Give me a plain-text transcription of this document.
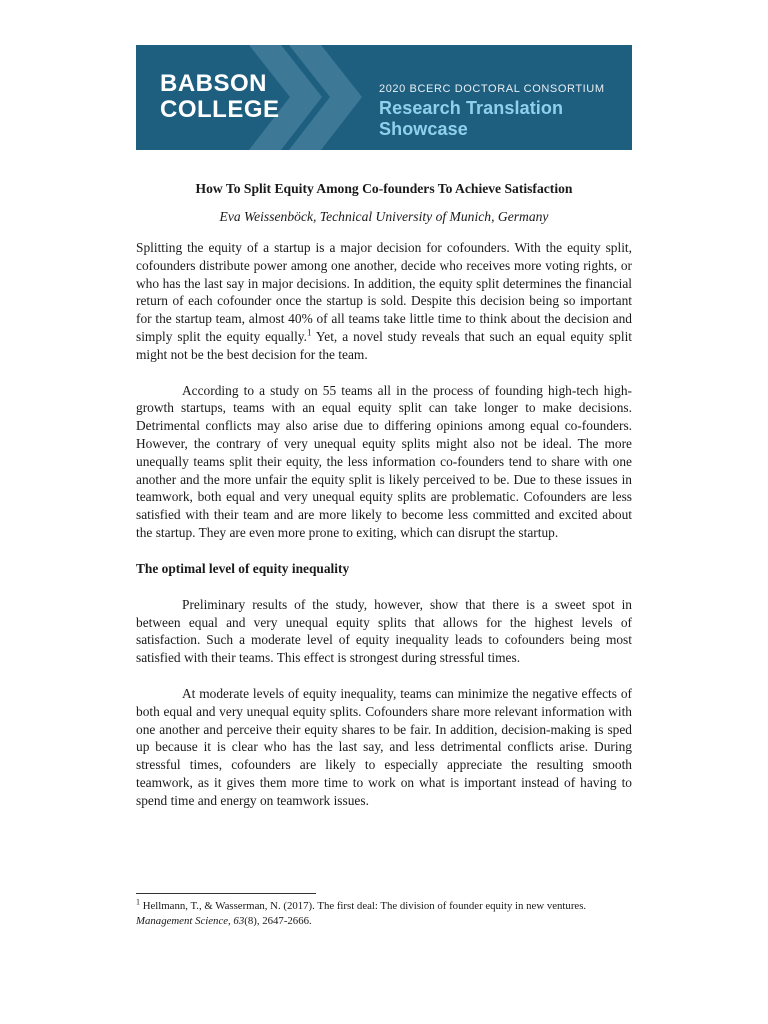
BABSON
COLLEGE
2020 BCERC DOCTORAL CONSORTIUM
Research Translation Showcase
How To Split Equity Among Co-founders To Achieve Satisfaction
Eva Weissenböck, Technical University of Munich, Germany

Splitting the equity of a startup is a major decision for cofounders. With the equity split, cofounders distribute power among one another, decide who receives more voting rights, or who has the last say in major decisions. In addition, the equity split determines the financial return of each cofounder once the startup is sold. Despite this decision being so important for the startup team, almost 40% of all teams take little time to think about the decision and simply split the equity equally.$^1$ Yet, a novel study reveals that such an equal equity split might not be the best decision for the team.

According to a study on 55 teams all in the process of founding high-tech high-growth startups, teams with an equal equity split can take longer to make decisions. Detrimental conflicts may also arise due to differing opinions among equal co-founders. However, the contrary of very unequal equity splits might also not be ideal. The more unequally teams split their equity, the less information co-founders tend to share with one another and the more unfair the equity split is likely perceived to be. Due to these issues in teamwork, both equal and very unequal equity splits are problematic. Cofounders are less satisfied with their team and are more likely to become less committed and excited about the startup. They are even more prone to exiting, which can disrupt the startup.

The optimal level of equity inequality

Preliminary results of the study, however, show that there is a sweet spot in between equal and very unequal equity splits that allows for the highest levels of satisfaction. Such a moderate level of equity inequality leads to cofounders being most satisfied with their teams. This effect is strongest during stressful times.

At moderate levels of equity inequality, teams can minimize the negative effects of both equal and very unequal equity splits. Cofounders share more relevant information with one another and perceive their equity shares to be fair. In addition, decision-making is sped up because it is clear who has the last say, and less detrimental conflicts arise. During stressful times, cofounders are likely to especially appreciate the resulting smooth teamwork, as it gives them more time to work on what is important instead of having to spend time and energy on teamwork issues.

$^1$ Hellmann, T., & Wasserman, N. (2017). The first deal: The division of founder equity in new ventures. Management Science, 63(8), 2647-2666.
